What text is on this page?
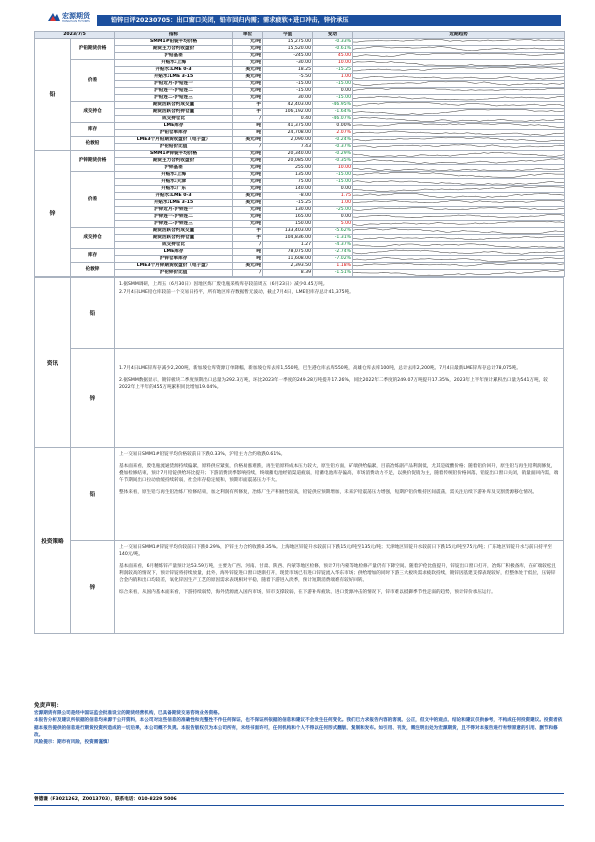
宏源期货
HONGYUAN FUTURES	铅锌日评20230705：出口窗口关闭，铅市回归内需；需求疲软+进口冲击，锌价承压
2023/7/5		指标	单位	今值	变动	近期趋势
铅	沪铅期货价格	SMM1#铅锭平均价格	元/吨	15,275.00	-0.33%	

		期货主力合约收盘价	元/吨	15,520.00	-0.61%	

		沪铅基差	元/吨	-245.00	45.00	

	价差	升贴水:上海	元/吨	-30.00	10.00	

		升贴水:LME 0-3	美元/吨	18.25	-15.25	

		升贴水:LME 3-15	美元/吨	-5.50	1.00	

		沪铅近月-沪铅连一	元/吨	-15.00	-15.00	

		沪铅连一-沪铅连二	元/吨	-15.00	0.00	

		沪铅连二-沪铅连三	元/吨	30.00	-15.00	

	成交持仓	期货活跃合约成交量	手	42,403.00	-46.95%	

		期货活跃合约持仓量	手	106,192.00	-1.64%	

		成交持仓比	/	0.40	-46.07%	

	库存	LME库存	吨	41,375.00	0.00%	

		沪铅仓单库存	吨	24,708.00	2.07%	

	伦敦铅	LME3个月铅期货收盘价（电子盘）	美元/吨	2,090.00	-0.24%	

		沪伦铅价比值	/	7.43	-0.37%	

锌	沪锌期货价格	SMM1#锌锭平均价格	元/吨	20,340.00	-0.29%	

		期货主力合约收盘价	元/吨	20,085.00	-0.35%	

		沪锌基差	元/吨	255.00	10.00	

	价差	升贴水:上海	元/吨	135.00	-15.00	

		升贴水:天津	元/吨	75.00	-15.00	

		升贴水:广东	元/吨	140.00	0.00	

		升贴水:LME 0-3	美元/吨	-8.00	1.75	

		升贴水:LME 3-15	美元/吨	-15.25	1.00	

		沪锌近月-沪锌连一	元/吨	130.00	-25.00	

		沪锌连一-沪锌连二	元/吨	165.00	0.00	

		沪锌连二-沪锌连三	元/吨	150.00	5.00	

	成交持仓	期货活跃合约成交量	手	133,403.00	-5.62%	

		期货活跃合约持仓量	手	104,836.00	-1.31%	

		成交持仓比	/	1.27	-4.37%	

	库存	LME库存	吨	78,075.00	-2.74%	

		沪锌仓单库存	吨	11,608.00	-7.02%	

	伦敦锌	LME3个月锌期货收盘价（电子盘）	美元/吨	2,393.50	1.18%	

		沪伦锌价比值	/	8.39	-1.51%	
资讯
铅

1.据SMM调研，上周五（6月30日）因地区炼厂废电瓶采购库存较前周五（6月23日）减少0.45万吨。

2.7月4日LME铅仓库较前一个交易日持平，所有地区库存数据暂无波动，截止7月4日，LME铅库存总计41,375吨。

锌

1.7月4日LME锌库存减少2,200吨，新加坡仓库资源订单降幅，新加坡仓库去库1,550吨，巴生港仓库去库550吨，高雄仓库去库100吨，总计去库2,200吨。7月4日最新LME锌库存总计78,075吨。

2.据SMM数据显示，镀锌板块二季度预期出口总量为292.3万吨，环比2023年一季度的249.28万吨提升17.26%，同比2022年二季度的249.07万吨提升17.35%，2023年上半年预计累积出口量为541万吨，较2022年上半年的455万吨累积同比增加19.04%。

投资策略
铅

上一交易日SMM1#铅锭平均价格较前日下跌0.33%，沪铅主力合约收跌0.61%。

基本面来看，废电瓶流通货源持续偏紧，原料供应紧张，价格易涨难跌，再生铅原料成本压力较大，原生铅方面，矿端供给偏紧，目前冶炼副产品利润低，尤其是硫酸价格；随着铅价回升，原生铅与再生铅利润修复，叠加检修结束，预计7月铅锭供给环比提升；下游消费淡季影响持续，终端蓄电池经销渠道疲弱，铅蓄电池库存偏高，市场消费动力不足，以换价促销为主，随着传统铅价格回落，铅锭出口窗口关闭，销量面回内需，端午节期间出口拉动放缓持续转弱，社会库存稳定缓和，预期市面震荡压力不大。

整体来看，原生铅与再生铅冶炼厂检修结束，加之利润有所修复，冶炼厂生产积极性较高，铅锭供应预期增加，未来沪铅震荡压力增强，短期沪铅价维持区间震荡，需关注后续下游补库及交割货源移仓情况。

锌

上一交易日SMM1#锌锭平均价较前日下跌0.29%，沪锌主力合约收跌0.35%。上海地区锌锭升水较前日下跌15元/吨至135元/吨；天津地区锌锭升水较前日下跌15元/吨至75元/吨；广东地区锌锭升水与前日持平至140元/吨。

基本面来看，6月精炼锌产量预计达53.59万吨，主要为广西、河南、甘肃、陕西、内蒙等地区检修，预计7月内蒙等地检修产量仍有下降空间。随着沪伦比值提升，锌锭出口窗口打开，冶炼厂积极备库，在矿端较松且利润较高的情况下，预计锌锭将持续放量，此外，海外锌锭进口窗口逐渐打开，现货市场已有进口锌锭流入华东市场；供给增加的同时下游三大板块需求疲软持续，镀锌因基建支撑表现较好，但整体处于低位，压铸锌合金内销和出口均较差，氧化锌因生产工艺的原因需求表现相对平稳，随着下游进入淡季，预计短期消费端难有较好回转。

综合来看，从国内基本面来看，下游持续弱势，海外货源流入国内市场，锌市支撑较弱，在下游补库疲软、进口货源冲击的情况下，锌市难以抵御季节性走弱的趋势，预计锌价承压运行。

免责声明：
宏源期货有限公司是经中国证监会批准设立的期货经营机构，已具备期货交易咨询业务资格。
本报告分析及建议所依据的信息均来源于公开资料，本公司对这些信息的准确性和完整性不作任何保证，也不保证所依据的信息和建议不会发生任何变化。我们已力求报告内容的客观、公正，但文中的观点、结论和建议仅供参考，不构成任何投资建议。投资者依据本报告提供的信息进行期货投资所造成的一切后果，本公司概不负责。本报告版权仅为本公司所有，未经书面许可，任何机构和个人不得以任何形式翻版、复制和发布。如引用、刊发，需注明出处为宏源期货，且不得对本报告进行有悖原意的引用、删节和修改。
风险提示：期市有风险，投资需谨慎！
曾德谦（F3021262，Z0013703），联系电话：010-8229 5006
